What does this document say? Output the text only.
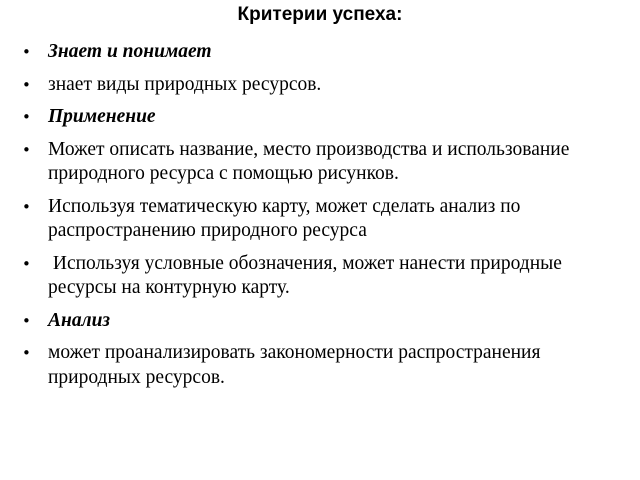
Критерии успеха:
• Знает и понимает
• знает виды природных ресурсов.
• Применение
• Может описать название, место производства и использование природного ресурса с помощью рисунков.
• Используя тематическую карту, может сделать анализ по распространению природного ресурса
• Используя условные обозначения, может нанести природные ресурсы на контурную карту.
• Анализ
• может проанализировать закономерности распространения природных ресурсов.
